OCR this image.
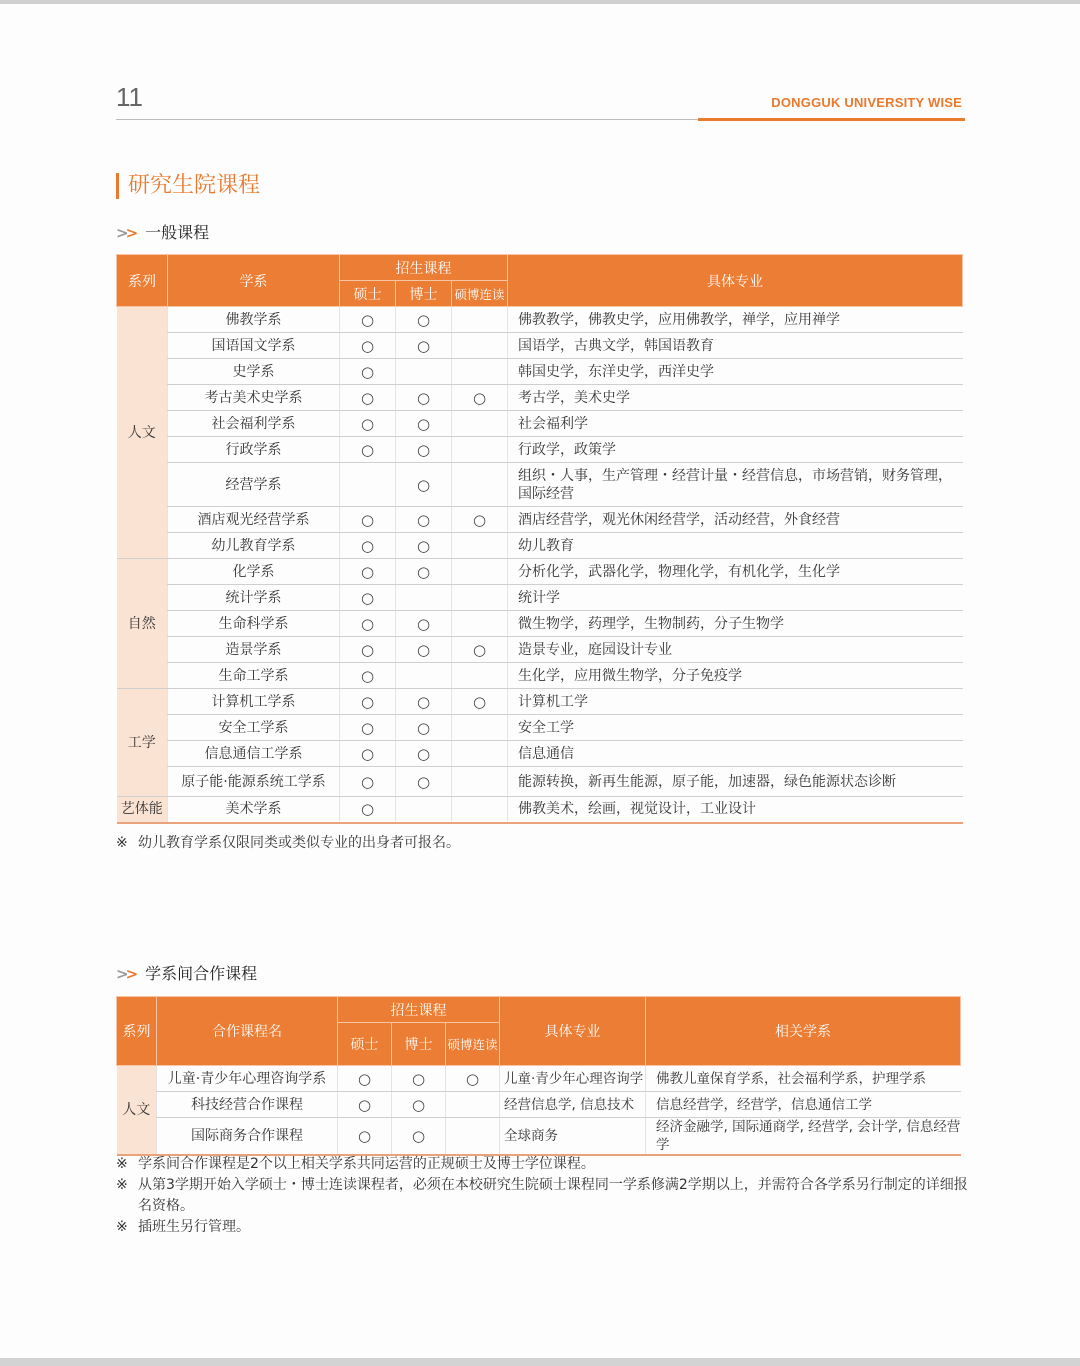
11	DONGGUK UNIVERSITY WISE
研究生院课程
>> 一般课程
系列	学系	招生课程			具体专业
		硕士	博士	硕博连读	
人文	佛教学系	○	○		佛教教学，佛教史学，应用佛教学，禅学，应用禅学
	国语国文学系	○	○		国语学，古典文学，韩国语教育
	史学系	○			韩国史学，东洋史学，西洋史学
	考古美术史学系	○	○	○	考古学，美术史学
	社会福利学系	○	○		社会福利学
	行政学系	○	○		行政学，政策学
	经营学系		○		组织・人事，生产管理・经营计量・经营信息，市场营销，财务管理，国际经营
	酒店观光经营学系	○	○	○	酒店经营学，观光休闲经营学，活动经营，外食经营
	幼儿教育学系	○	○		幼儿教育
自然	化学系	○	○		分析化学，武器化学，物理化学，有机化学，生化学
	统计学系	○			统计学
	生命科学系	○	○		微生物学，药理学，生物制药，分子生物学
	造景学系	○	○	○	造景专业，庭园设计专业
	生命工学系	○			生化学，应用微生物学，分子免疫学
工学	计算机工学系	○	○	○	计算机工学
	安全工学系	○	○		安全工学
	信息通信工学系	○	○		信息通信
	原子能·能源系统工学系	○	○		能源转换，新再生能源，原子能，加速器，绿色能源状态诊断
艺体能	美术学系	○			佛教美术，绘画，视觉设计，工业设计
※ 幼儿教育学系仅限同类或类似专业的出身者可报名。
>> 学系间合作课程
系列	合作课程名	招生课程			具体专业	相关学系
		硕士	博士	硕博连读		
人文	儿童·青少年心理咨询学系	○	○	○	儿童·青少年心理咨询学	佛教儿童保育学系，社会福利学系，护理学系
	科技经营合作课程	○	○		经营信息学, 信息技术	信息经营学，经营学，信息通信工学
	国际商务合作课程	○	○		全球商务	经济金融学, 国际通商学, 经营学, 会计学, 信息经营学
※ 学系间合作课程是2个以上相关学系共同运营的正规硕士及博士学位课程。
※ 从第3学期开始入学硕士・博士连读课程者，必须在本校研究生院硕士课程同一学系修满2学期以上，并需符合各学系另行制定的详细报名资格。
※ 插班生另行管理。
